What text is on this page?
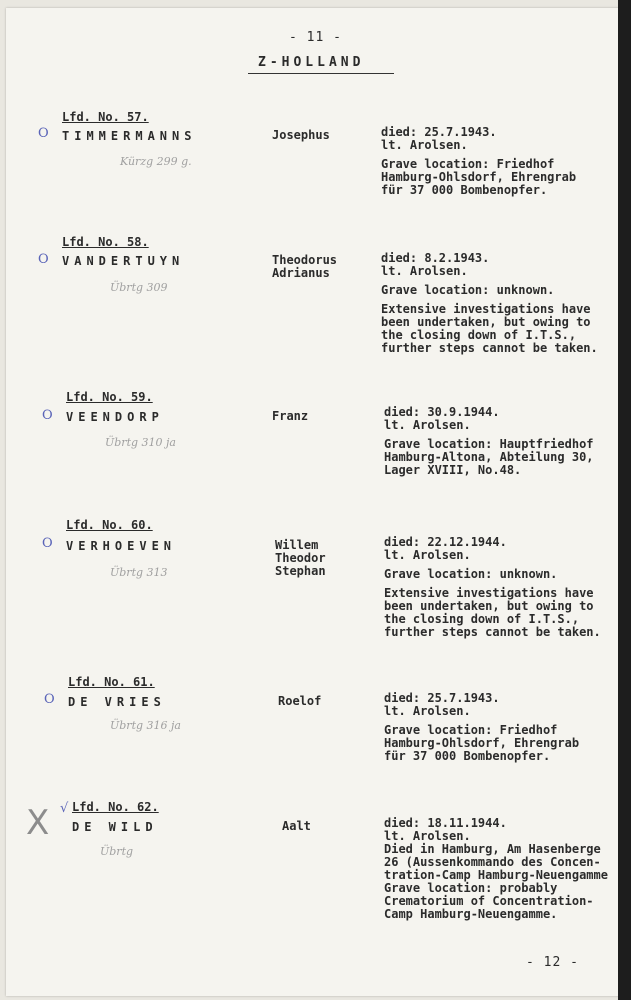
- 11 -
Z-HOLLAND
Lfd. No. 57.
O TIMMERMANNS	Josephus
Kürzg 299 g.
died: 25.7.1943.
lt. Arolsen.
Grave location: Friedhof
Hamburg-Ohlsdorf, Ehrengrab
für 37 000 Bombenopfer.
Lfd. No. 58.
O VANDERTUYN	Theodorus
Adrianus
Übrtg 309
died: 8.2.1943.
lt. Arolsen.
Grave location: unknown.
Extensive investigations have
been undertaken, but owing to
the closing down of I.T.S.,
further steps cannot be taken.
Lfd. No. 59.
O VEENDORP	Franz
Übrtg 310 ja
died: 30.9.1944.
lt. Arolsen.
Grave location: Hauptfriedhof
Hamburg-Altona, Abteilung 30,
Lager XVIII, No.48.
Lfd. No. 60.
O VERHOEVEN	Willem
Theodor
Stephan
Übrtg 313
died: 22.12.1944.
lt. Arolsen.
Grave location: unknown.
Extensive investigations have
been undertaken, but owing to
the closing down of I.T.S.,
further steps cannot be taken.
Lfd. No. 61.
O DE VRIES	Roelof
Übrtg 316 ja
died: 25.7.1943.
lt. Arolsen.
Grave location: Friedhof
Hamburg-Ohlsdorf, Ehrengrab
für 37 000 Bombenopfer.
Lfd. No. 62.
DE WILD	Aalt
Übrtg
died: 18.11.1944.
lt. Arolsen.
Died in Hamburg, Am Hasenberge
26 (Aussenkommando des Concen-
tration-Camp Hamburg-Neuengamme
Grave location: probably
Crematorium of Concentration-
Camp Hamburg-Neuengamme.
X √
- 12 -
